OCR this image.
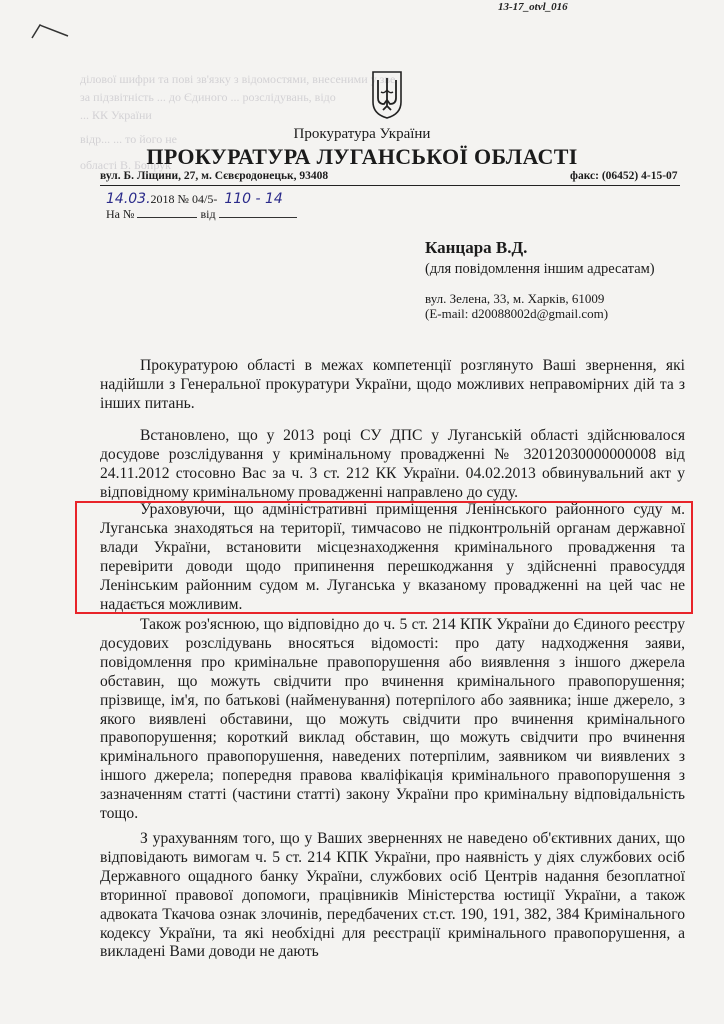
13-17_otvl_016
ділової шифри та пові зв'язку з відомостями, внесеними у зве
за підзвітність ... до Єдиного ... розслідувань, відо
... КК України
відр... ... то його не
області В. Бопрук
Прокуратура України
ПРОКУРАТУРА ЛУГАНСЬКОЇ ОБЛАСТІ
вул. Б. Ліщини, 27, м. Сєвєродонецьк, 93408	факс: (06452) 4-15-07
14.03.2018 № 04/5- 110 - 14
На №	від
Канцара В.Д.
(для повідомлення іншим адресатам)
вул. Зелена, 33, м. Харків, 61009
(E-mail: d20088002d@gmail.com)
Прокуратурою області в межах компетенції розглянуто Ваші звернення, які надійшли з Генеральної прокуратури України, щодо можливих неправомірних дій та з інших питань.
Встановлено, що у 2013 році СУ ДПС у Луганській області здійснювалося досудове розслідування у кримінальному провадженні № 32012030000000008 від 24.11.2012 стосовно Вас за ч. 3 ст. 212 КК України. 04.02.2013 обвинувальний акт у відповідному кримінальному провадженні направлено до суду.
Ураховуючи, що адміністративні приміщення Ленінського районного суду м. Луганська знаходяться на території, тимчасово не підконтрольній органам державної влади України, встановити місцезнаходження кримінального провадження та перевірити доводи щодо припинення перешкоджання у здійсненні правосуддя Ленінським районним судом м. Луганська у вказаному провадженні на цей час не надається можливим.
Також роз'яснюю, що відповідно до ч. 5 ст. 214 КПК України до Єдиного реєстру досудових розслідувань вносяться відомості: про дату надходження заяви, повідомлення про кримінальне правопорушення або виявлення з іншого джерела обставин, що можуть свідчити про вчинення кримінального правопорушення; прізвище, ім'я, по батькові (найменування) потерпілого або заявника; інше джерело, з якого виявлені обставини, що можуть свідчити про вчинення кримінального правопорушення; короткий виклад обставин, що можуть свідчити про вчинення кримінального правопорушення, наведених потерпілим, заявником чи виявлених з іншого джерела; попередня правова кваліфікація кримінального правопорушення з зазначенням статті (частини статті) закону України про кримінальну відповідальність тощо.
З урахуванням того, що у Ваших зверненнях не наведено об'єктивних даних, що відповідають вимогам ч. 5 ст. 214 КПК України, про наявність у діях службових осіб Державного ощадного банку України, службових осіб Центрів надання безоплатної вторинної правової допомоги, працівників Міністерства юстиції України, а також адвоката Ткачова ознак злочинів, передбачених ст.ст. 190, 191, 382, 384 Кримінального кодексу України, та які необхідні для реєстрації кримінального правопорушення, а викладені Вами доводи не дають
